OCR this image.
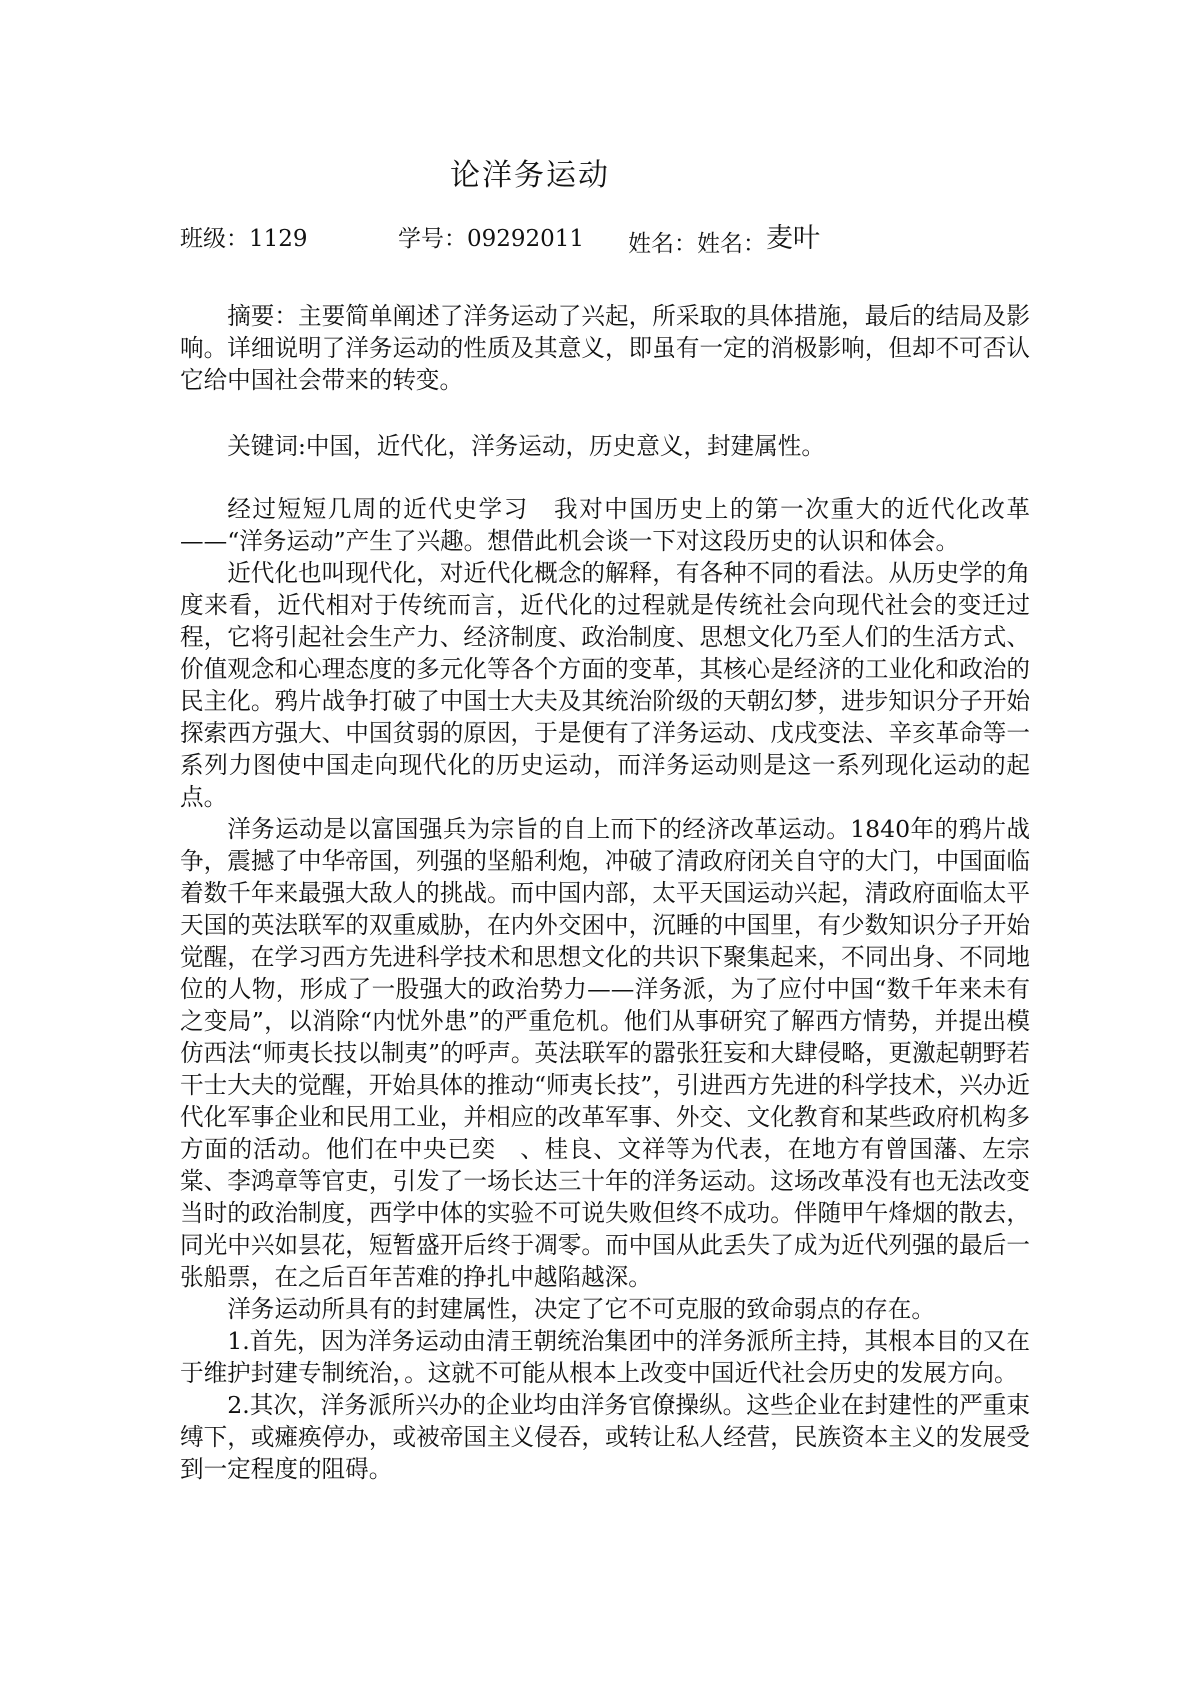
论洋务运动
班级：1129	学号：09292011 姓名：姓名：麦叶

摘要：主要简单阐述了洋务运动了兴起，所采取的具体措施，最后的结局及影响。详细说明了洋务运动的性质及其意义，即虽有一定的消极影响，但却不可否认它给中国社会带来的转变。

关键词:中国，近代化，洋务运动，历史意义，封建属性。

经过短短几周的近代史学习　我对中国历史上的第一次重大的近代化改革——“洋务运动”产生了兴趣。想借此机会谈一下对这段历史的认识和体会。

近代化也叫现代化，对近代化概念的解释，有各种不同的看法。从历史学的角度来看，近代相对于传统而言，近代化的过程就是传统社会向现代社会的变迁过程，它将引起社会生产力、经济制度、政治制度、思想文化乃至人们的生活方式、价值观念和心理态度的多元化等各个方面的变革，其核心是经济的工业化和政治的民主化。鸦片战争打破了中国士大夫及其统治阶级的天朝幻梦，进步知识分子开始探索西方强大、中国贫弱的原因，于是便有了洋务运动、戊戌变法、辛亥革命等一系列力图使中国走向现代化的历史运动，而洋务运动则是这一系列现化运动的起点。

洋务运动是以富国强兵为宗旨的自上而下的经济改革运动。1840年的鸦片战争，震撼了中华帝国，列强的坚船利炮，冲破了清政府闭关自守的大门，中国面临着数千年来最强大敌人的挑战。而中国内部，太平天国运动兴起，清政府面临太平天国的英法联军的双重威胁，在内外交困中，沉睡的中国里，有少数知识分子开始觉醒，在学习西方先进科学技术和思想文化的共识下聚集起来，不同出身、不同地位的人物，形成了一股强大的政治势力——洋务派，为了应付中国“数千年来未有之变局”，以消除“内忧外患”的严重危机。他们从事研究了解西方情势，并提出模仿西法“师夷长技以制夷”的呼声。英法联军的嚣张狂妄和大肆侵略，更激起朝野若干士大夫的觉醒，开始具体的推动“师夷长技”，引进西方先进的科学技术，兴办近代化军事企业和民用工业，并相应的改革军事、外交、文化教育和某些政府机构多方面的活动。他们在中央已奕　、桂良、文祥等为代表，在地方有曾国藩、左宗棠、李鸿章等官吏，引发了一场长达三十年的洋务运动。这场改革没有也无法改变当时的政治制度，西学中体的实验不可说失败但终不成功。伴随甲午烽烟的散去，同光中兴如昙花，短暂盛开后终于凋零。而中国从此丢失了成为近代列强的最后一张船票，在之后百年苦难的挣扎中越陷越深。

洋务运动所具有的封建属性，决定了它不可克服的致命弱点的存在。

1.首先，因为洋务运动由清王朝统治集团中的洋务派所主持，其根本目的又在于维护封建专制统治，。这就不可能从根本上改变中国近代社会历史的发展方向。

2.其次，洋务派所兴办的企业均由洋务官僚操纵。这些企业在封建性的严重束缚下，或瘫痪停办，或被帝国主义侵吞，或转让私人经营，民族资本主义的发展受到一定程度的阻碍。
